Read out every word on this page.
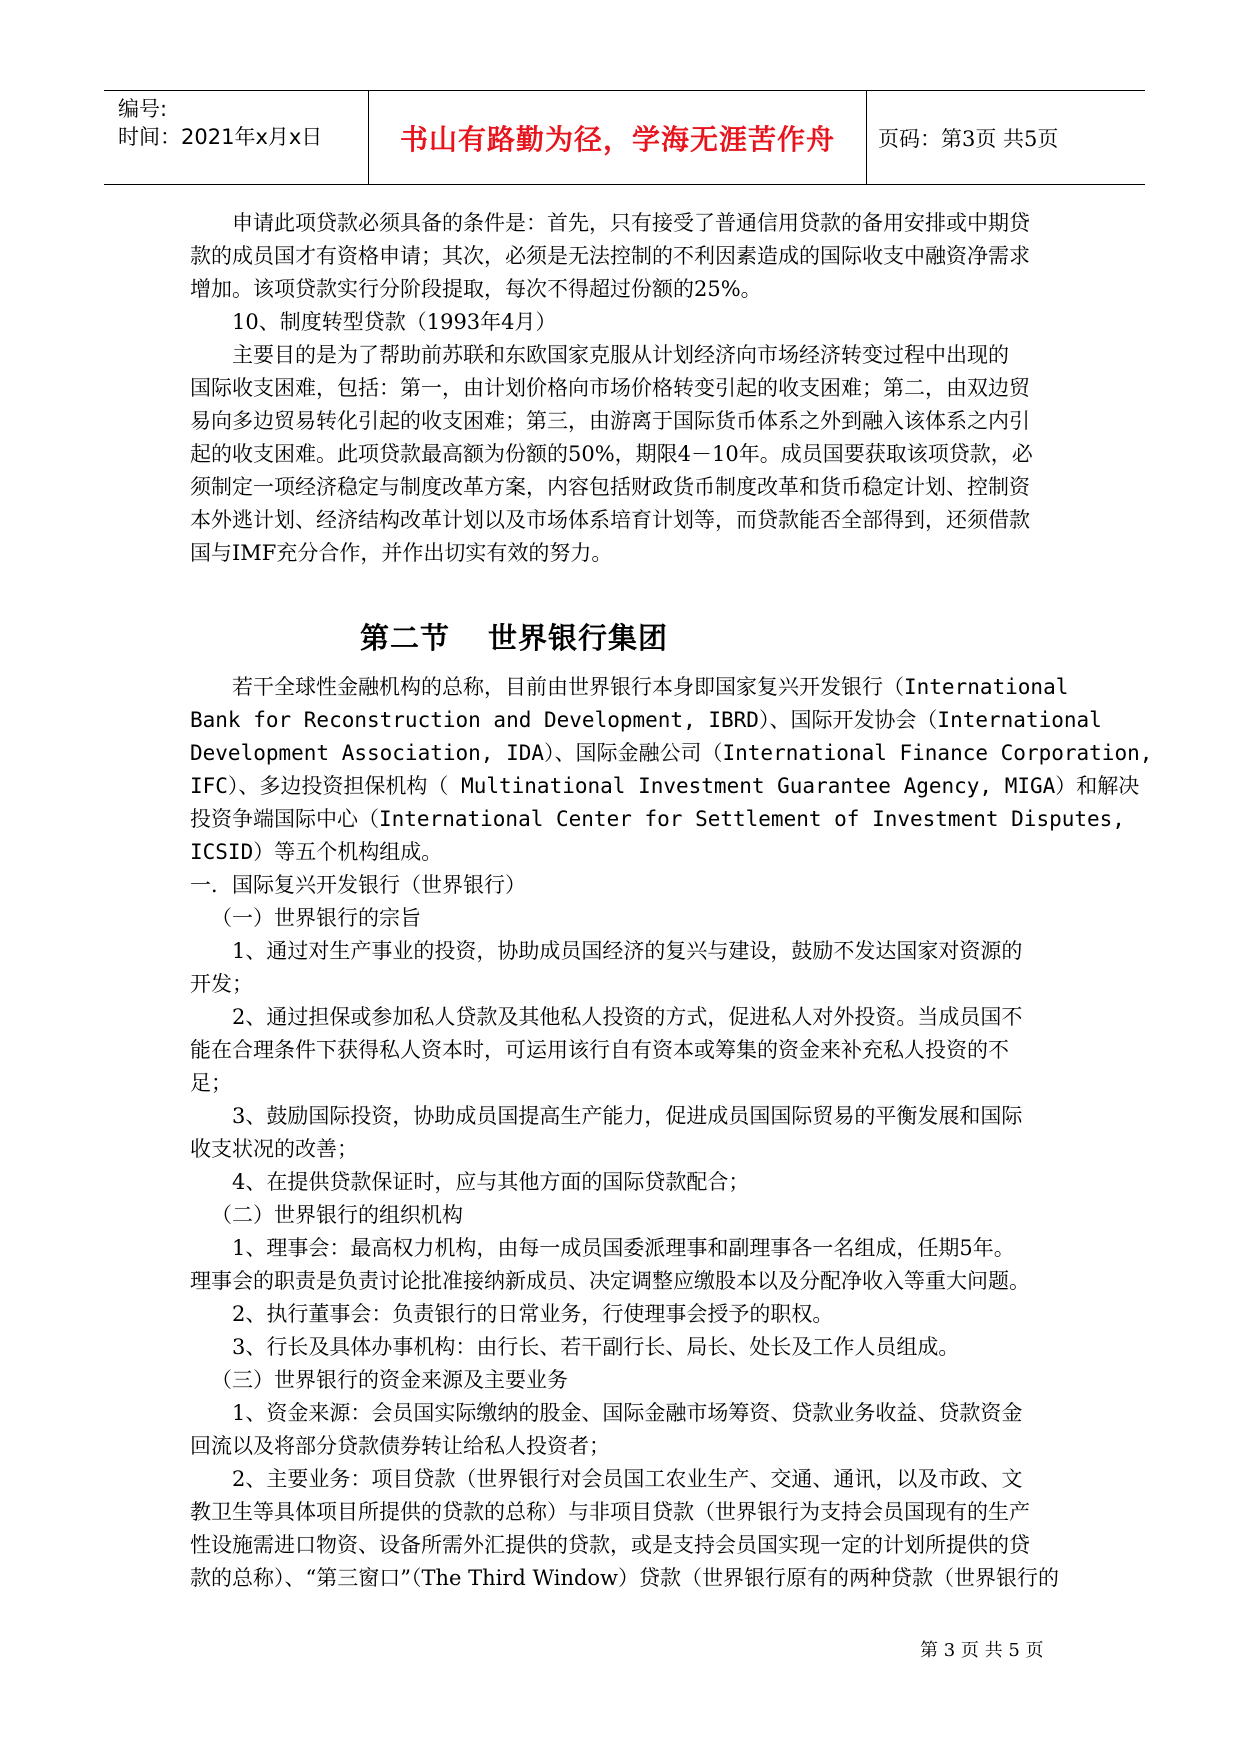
编号:
时间：2021年x月x日	书山有路勤为径，学海无涯苦作舟	页码：第3页 共5页

申请此项贷款必须具备的条件是：首先，只有接受了普通信用贷款的备用安排或中期贷

款的成员国才有资格申请；其次，必须是无法控制的不利因素造成的国际收支中融资净需求

增加。该项贷款实行分阶段提取，每次不得超过份额的25%。

10、制度转型贷款（1993年4月）

主要目的是为了帮助前苏联和东欧国家克服从计划经济向市场经济转变过程中出现的

国际收支困难，包括：第一，由计划价格向市场价格转变引起的收支困难；第二，由双边贸

易向多边贸易转化引起的收支困难；第三，由游离于国际货币体系之外到融入该体系之内引

起的收支困难。此项贷款最高额为份额的50%，期限4－10年。成员国要获取该项贷款，必

须制定一项经济稳定与制度改革方案，内容包括财政货币制度改革和货币稳定计划、控制资

本外逃计划、经济结构改革计划以及市场体系培育计划等，而贷款能否全部得到，还须借款

国与IMF充分合作，并作出切实有效的努力。

第二节 世界银行集团

若干全球性金融机构的总称，目前由世界银行本身即国家复兴开发银行（International

Bank for Reconstruction and Development, IBRD）、国际开发协会（International

Development Association, IDA）、国际金融公司（International Finance Corporation,

IFC）、多边投资担保机构（ Multinational Investment Guarantee Agency, MIGA）和解决

投资争端国际中心（International Center for Settlement of Investment Disputes,

ICSID）等五个机构组成。

一．国际复兴开发银行（世界银行）

（一）世界银行的宗旨

1、通过对生产事业的投资，协助成员国经济的复兴与建设，鼓励不发达国家对资源的

开发；

2、通过担保或参加私人贷款及其他私人投资的方式，促进私人对外投资。当成员国不

能在合理条件下获得私人资本时，可运用该行自有资本或筹集的资金来补充私人投资的不

足；

3、鼓励国际投资，协助成员国提高生产能力，促进成员国国际贸易的平衡发展和国际

收支状况的改善；

4、在提供贷款保证时，应与其他方面的国际贷款配合；

（二）世界银行的组织机构

1、理事会：最高权力机构，由每一成员国委派理事和副理事各一名组成，任期5年。

理事会的职责是负责讨论批准接纳新成员、决定调整应缴股本以及分配净收入等重大问题。

2、执行董事会：负责银行的日常业务，行使理事会授予的职权。

3、行长及具体办事机构：由行长、若干副行长、局长、处长及工作人员组成。

（三）世界银行的资金来源及主要业务

1、资金来源：会员国实际缴纳的股金、国际金融市场筹资、贷款业务收益、贷款资金

回流以及将部分贷款债券转让给私人投资者；

2、主要业务：项目贷款（世界银行对会员国工农业生产、交通、通讯，以及市政、文

教卫生等具体项目所提供的贷款的总称）与非项目贷款（世界银行为支持会员国现有的生产

性设施需进口物资、设备所需外汇提供的贷款，或是支持会员国实现一定的计划所提供的贷

款的总称）、“第三窗口”（The Third Window）贷款（世界银行原有的两种贷款（世界银行的

第 3 页 共 5 页
